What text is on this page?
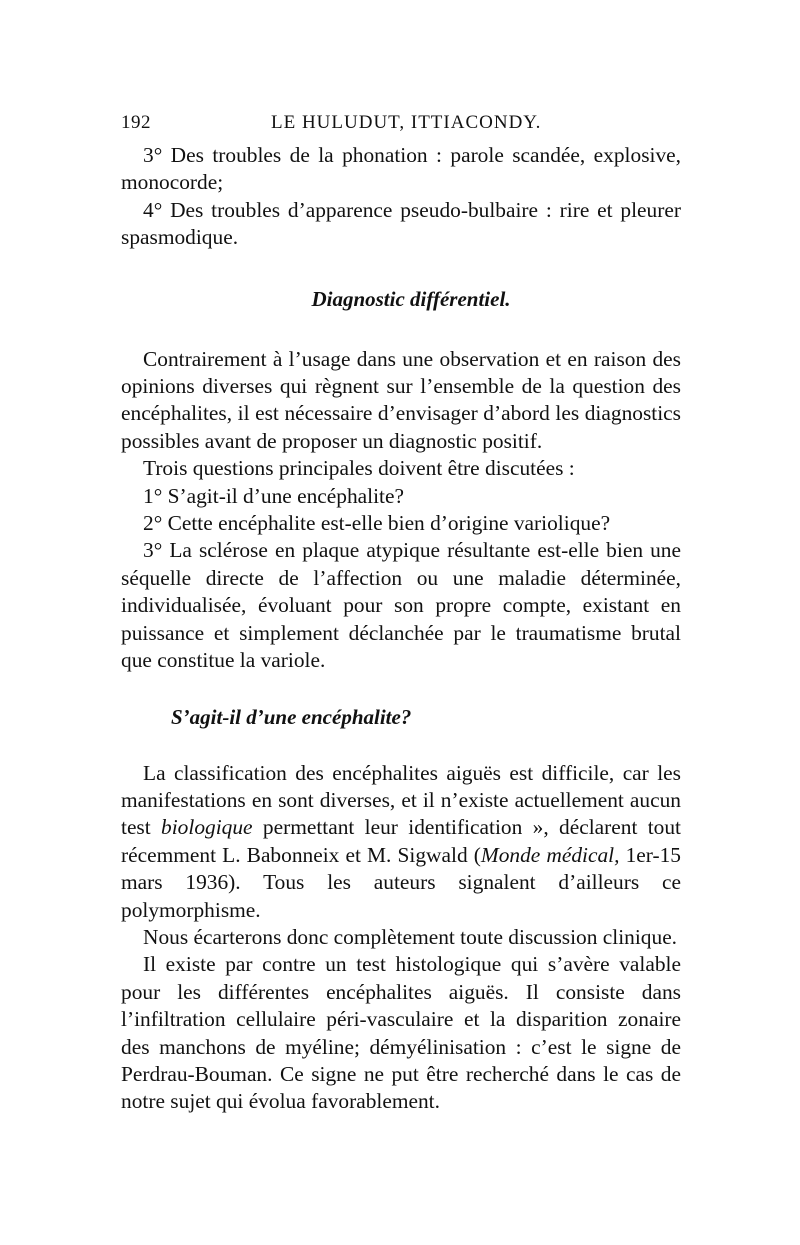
192	LE HULUDUT, ITTIACONDY.

3° Des troubles de la phonation : parole scandée, explosive, monocorde;

4° Des troubles d’apparence pseudo-bulbaire : rire et pleurer spasmodique.

Diagnostic différentiel.

Contrairement à l’usage dans une observation et en raison des opinions diverses qui règnent sur l’ensemble de la question des encéphalites, il est nécessaire d’envisager d’abord les diagnostics possibles avant de proposer un diagnostic positif.

Trois questions principales doivent être discutées :

1° S’agit-il d’une encéphalite?

2° Cette encéphalite est-elle bien d’origine variolique?

3° La sclérose en plaque atypique résultante est-elle bien une séquelle directe de l’affection ou une maladie déterminée, individualisée, évoluant pour son propre compte, existant en puissance et simplement déclanchée par le traumatisme brutal que constitue la variole.

S’agit-il d’une encéphalite?

La classification des encéphalites aiguës est difficile, car les manifestations en sont diverses, et il n’existe actuellement aucun test biologique permettant leur identification », déclarent tout récemment L. Babonneix et M. Sigwald (Monde médical, 1er-15 mars 1936). Tous les auteurs signalent d’ailleurs ce polymorphisme.

Nous écarterons donc complètement toute discussion clinique.

Il existe par contre un test histologique qui s’avère valable pour les différentes encéphalites aiguës. Il consiste dans l’infiltration cellulaire péri-vasculaire et la disparition zonaire des manchons de myéline; démyélinisation : c’est le signe de Perdrau-Bouman. Ce signe ne put être recherché dans le cas de notre sujet qui évolua favorablement.
